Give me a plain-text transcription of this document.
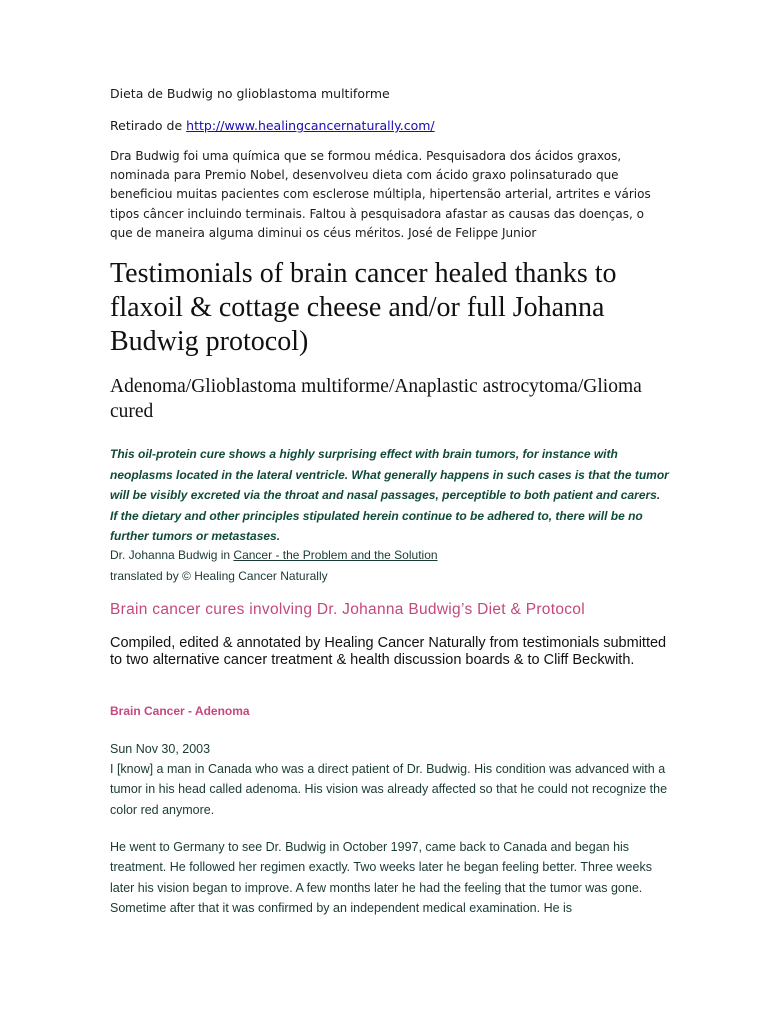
Dieta de Budwig no glioblastoma multiforme
Retirado de http://www.healingcancernaturally.com/
Dra Budwig foi uma química que se formou médica. Pesquisadora dos ácidos graxos, nominada para Premio Nobel, desenvolveu dieta com ácido graxo polinsaturado que beneficiou muitas pacientes com esclerose múltipla, hipertensão arterial, artrites e vários tipos câncer incluindo terminais. Faltou à pesquisadora afastar as causas das doenças, o que de maneira alguma diminui os céus méritos. José de Felippe Junior
Testimonials of brain cancer healed thanks to flaxoil & cottage cheese and/or full Johanna Budwig protocol)
Adenoma/Glioblastoma multiforme/Anaplastic astrocytoma/Glioma cured
This oil-protein cure shows a highly surprising effect with brain tumors, for instance with neoplasms located in the lateral ventricle. What generally happens in such cases is that the tumor will be visibly excreted via the throat and nasal passages, perceptible to both patient and carers. If the dietary and other principles stipulated herein continue to be adhered to, there will be no further tumors or metastases.
Dr. Johanna Budwig in Cancer - the Problem and the Solution
translated by © Healing Cancer Naturally
Brain cancer cures involving Dr. Johanna Budwig’s Diet & Protocol
Compiled, edited & annotated by Healing Cancer Naturally from testimonials submitted to two alternative cancer treatment & health discussion boards & to Cliff Beckwith.
Brain Cancer - Adenoma
Sun Nov 30, 2003
I [know] a man in Canada who was a direct patient of Dr. Budwig. His condition was advanced with a tumor in his head called adenoma. His vision was already affected so that he could not recognize the color red anymore.
He went to Germany to see Dr. Budwig in October 1997, came back to Canada and began his treatment. He followed her regimen exactly. Two weeks later he began feeling better. Three weeks later his vision began to improve. A few months later he had the feeling that the tumor was gone. Sometime after that it was confirmed by an independent medical examination. He is
